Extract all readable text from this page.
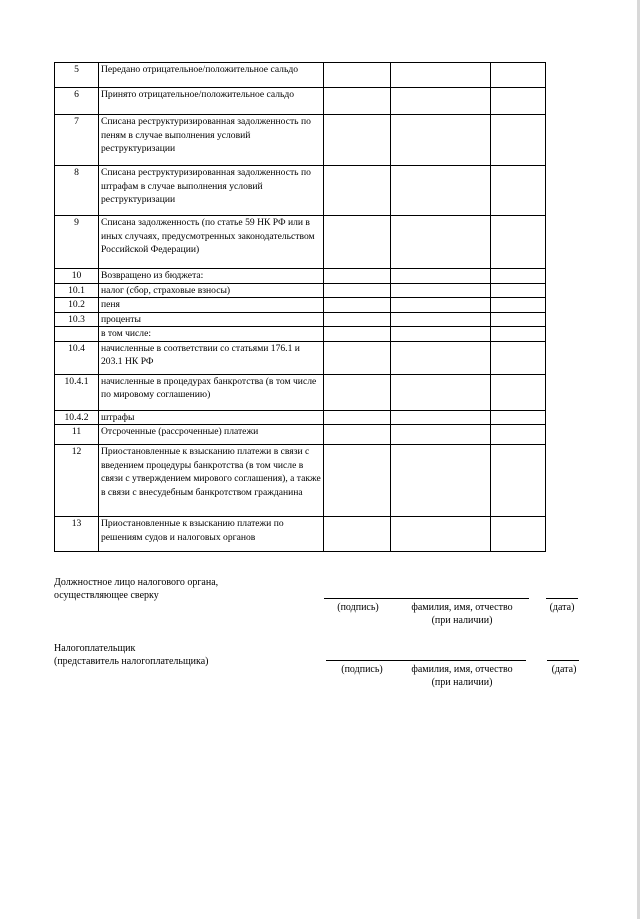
5	Передано отрицательное/положительное сальдо			
6	Принято отрицательное/положительное сальдо			
7	Списана реструктуризированная задолженность по пеням в случае выполнения условий реструктуризации			
8	Списана реструктуризированная задолженность по штрафам в случае выполнения условий реструктуризации			
9	Списана задолженность (по статье 59 НК РФ или в иных случаях, предусмотренных законодательством Российской Федерации)			
10	Возвращено из бюджета:			
10.1	налог (сбор, страховые взносы)			
10.2	пеня			
10.3	проценты			
	в том числе:			
10.4	начисленные в соответствии со статьями 176.1 и 203.1 НК РФ			
10.4.1	начисленные в процедурах банкротства (в том числе по мировому соглашению)			
10.4.2	штрафы			
11	Отсроченные (рассроченные) платежи			
12	Приостановленные к взысканию платежи в связи с введением процедуры банкротства (в том числе в связи с утверждением мирового соглашения), а также в связи с внесудебным банкротством гражданина			
13	Приостановленные к взысканию платежи по решениям судов и налоговых органов			
Должностное лицо налогового органа,
осуществляющее сверку
(подпись)	фамилия, имя, отчество
(при наличии)
(дата)
Налогоплательщик
(представитель налогоплательщика)
(подпись)	фамилия, имя, отчество
(при наличии)
(дата)
